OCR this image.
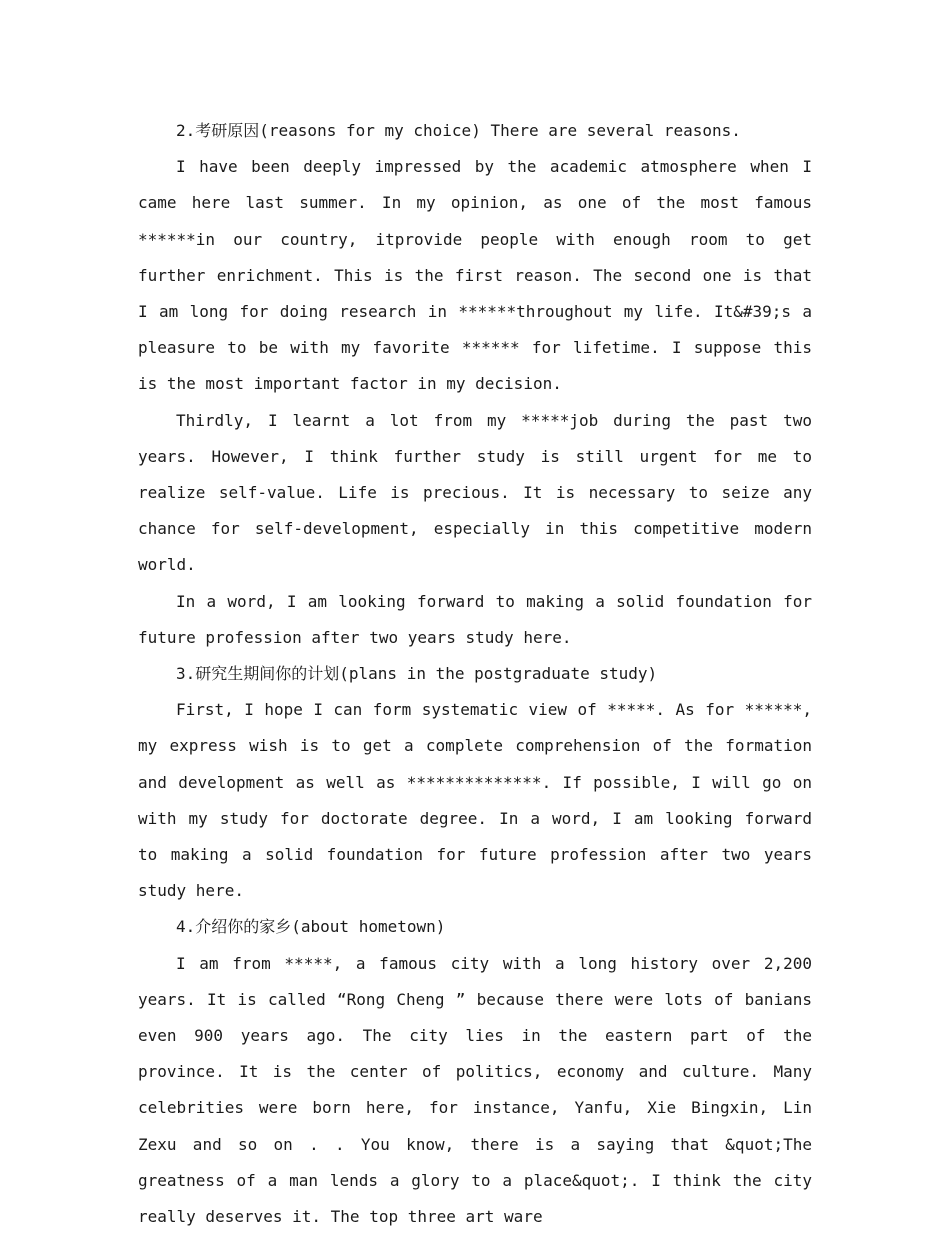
2.考研原因(reasons for my choice) There are several reasons.

I have been deeply impressed by the academic atmosphere when I came here last summer. In my opinion, as one of the most famous ******in our country, itprovide people with enough room to get further enrichment. This is the first reason. The second one is that I am long for doing research in ******throughout my life. It&#39;s a pleasure to be with my favorite ****** for lifetime. I suppose this is the most important factor in my decision.

Thirdly, I learnt a lot from my *****job during the past two years. However, I think further study is still urgent for me to realize self-value. Life is precious. It is necessary to seize any chance for self-development, especially in this competitive modern world.

In a word, I am looking forward to making a solid foundation for future profession after two years study here.

3.研究生期间你的计划(plans in the postgraduate study)

First, I hope I can form systematic view of *****. As for ******, my express wish is to get a complete comprehension of the formation and development as well as **************. If possible, I will go on with my study for doctorate degree. In a word, I am looking forward to making a solid foundation for future profession after two years study here.

4.介绍你的家乡(about hometown)

I am from *****, a famous city with a long history over 2,200 years. It is called “Rong Cheng ” because there were lots of banians even 900 years ago. The city lies in the eastern part of the province. It is the center of politics, economy and culture. Many celebrities were born here, for instance, Yanfu, Xie Bingxin, Lin Zexu and so on . . You know, there is a saying that &quot;The greatness of a man lends a glory to a place&quot;. I think the city really deserves it. The top three art ware
